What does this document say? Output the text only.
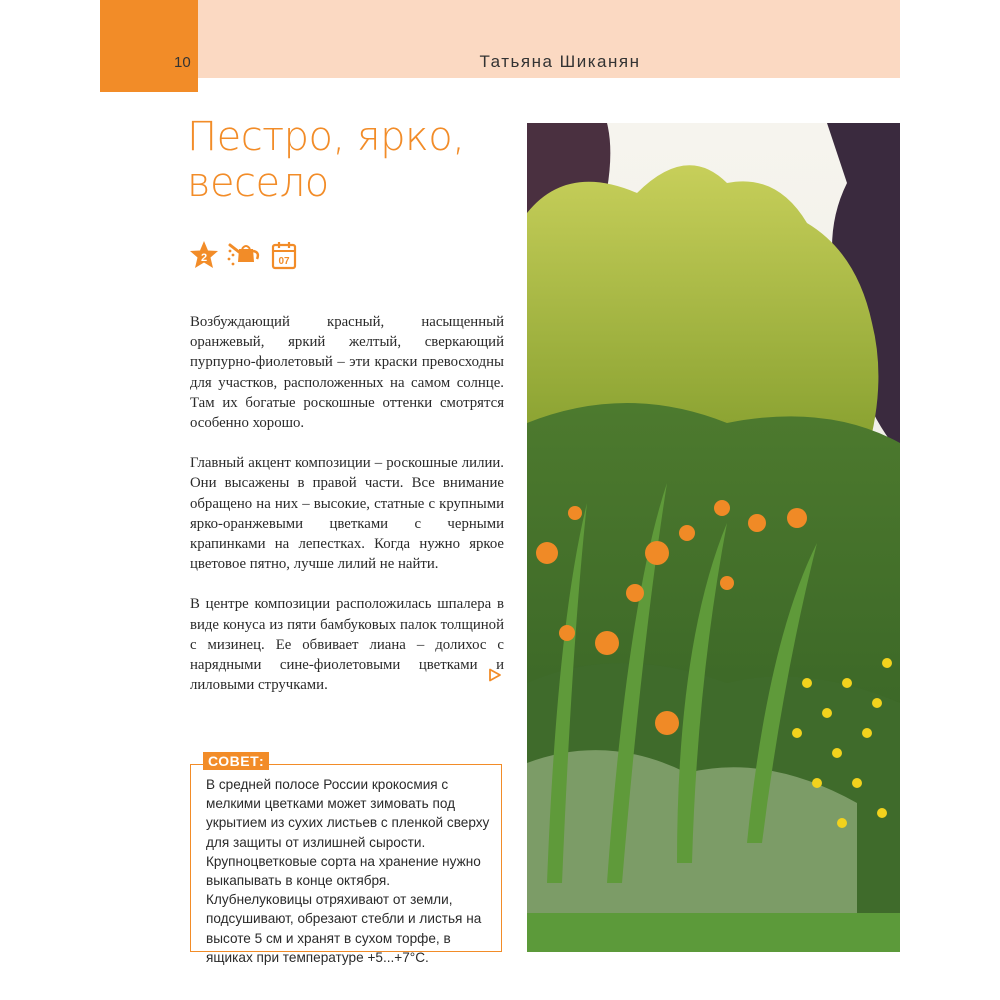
10	Татьяна Шиканян
Пестро, ярко,
весело
2	07

Возбуждающий красный, насыщенный оранжевый, яркий желтый, сверкающий пурпурно-фиолетовый – эти краски превосходны для участков, расположенных на самом солнце. Там их богатые роскошные оттенки смотрятся особенно хорошо.

Главный акцент композиции – роскошные лилии. Они высажены в правой части. Все внимание обращено на них – высокие, статные с крупными ярко-оранжевыми цветками с черными крапинками на лепестках. Когда нужно яркое цветовое пятно, лучше лилий не найти.

В центре композиции расположилась шпалера в виде конуса из пяти бамбуковых палок толщиной с мизинец. Ее обвивает лиана – долихос с нарядными сине-фиолетовыми цветками и лиловыми стручками.

СОВЕТ:
В средней полосе России крокосмия с мелкими цветками может зимовать под укрытием из сухих листьев с пленкой сверху для защиты от излишней сырости. Крупноцветковые сорта на хранение нужно выкапывать в конце октября. Клубнелуковицы отряхивают от земли, подсушивают, обрезают стебли и листья на высоте 5 см и хранят в сухом торфе, в ящиках при температуре +5...+7°С.
